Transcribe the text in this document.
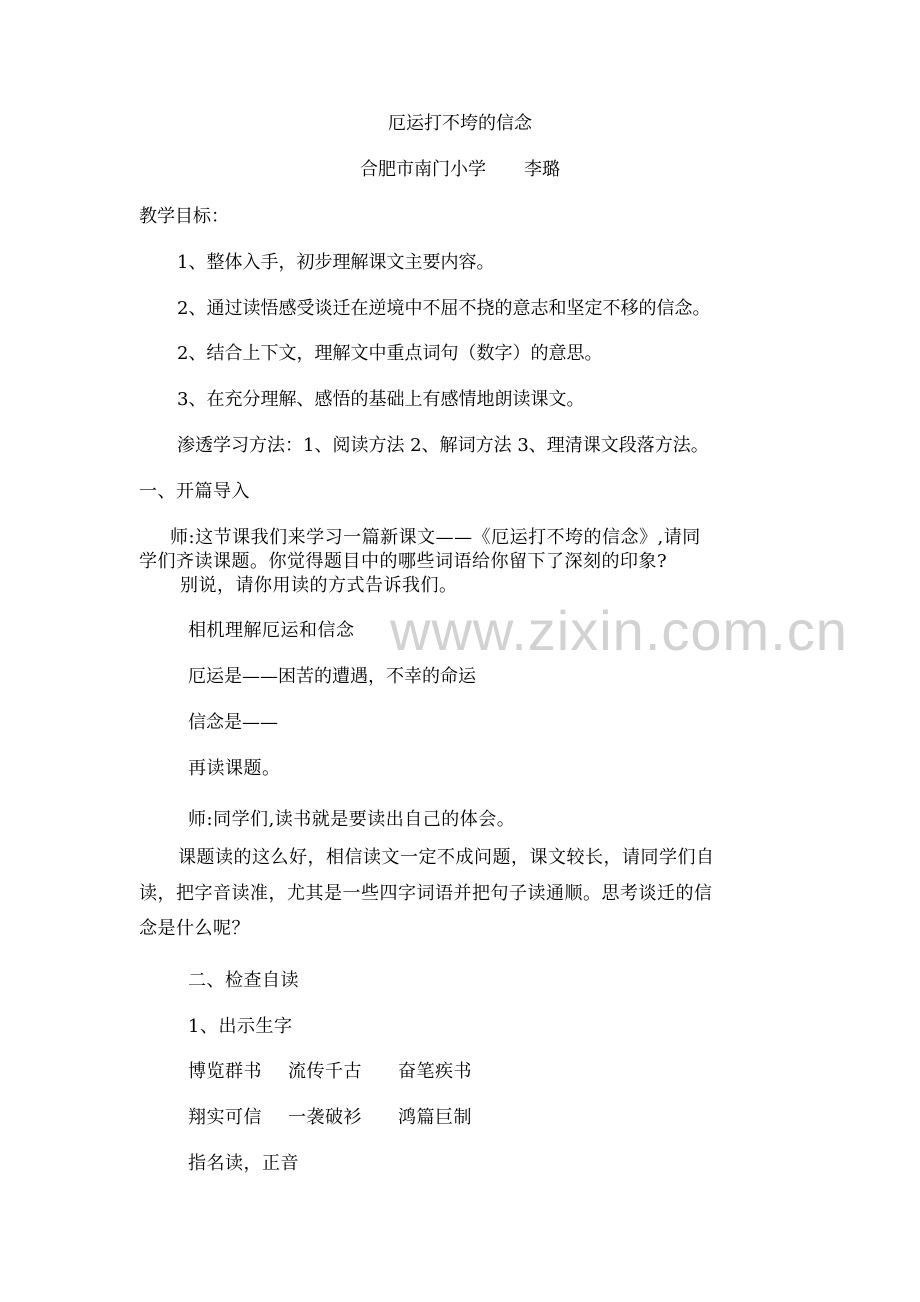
www.zixin.com.cn
厄运打不垮的信念
合肥市南门小学 李璐
教学目标：
1、整体入手，初步理解课文主要内容。
2、通过读悟感受谈迁在逆境中不屈不挠的意志和坚定不移的信念。
2、结合上下文，理解文中重点词句（数字）的意思。
3、在充分理解、感悟的基础上有感情地朗读课文。
渗透学习方法：1、阅读方法 2、解词方法 3、理清课文段落方法。
一、开篇导入
师:这节课我们来学习一篇新课文——《厄运打不垮的信念》,请同
学们齐读课题。你觉得题目中的哪些词语给你留下了深刻的印象?
别说，请你用读的方式告诉我们。
相机理解厄运和信念
厄运是——困苦的遭遇，不幸的命运
信念是——
再读课题。
师:同学们,读书就是要读出自己的体会。
课题读的这么好，相信读文一定不成问题，课文较长，请同学们自
读，把字音读准，尤其是一些四字词语并把句子读通顺。思考谈迁的信
念是什么呢？
二、检查自读
1、出示生字
博览群书 流传千古 奋笔疾书
翔实可信 一袭破衫 鸿篇巨制
指名读，正音
